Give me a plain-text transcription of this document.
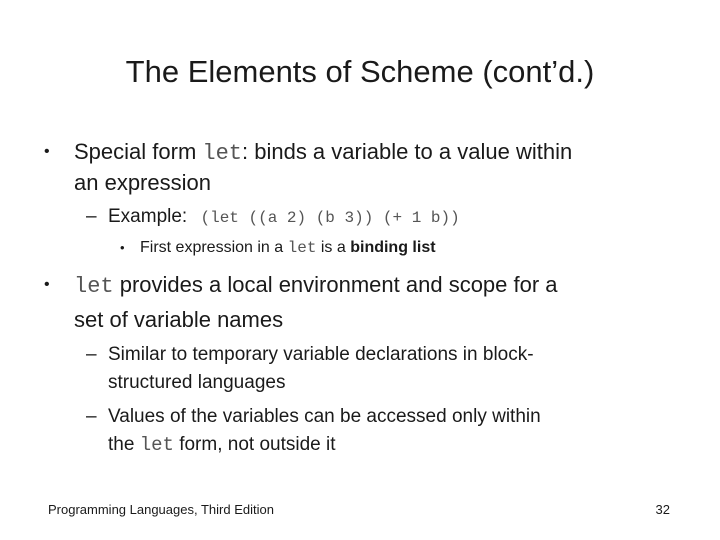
The Elements of Scheme (cont’d.)
• Special form let: binds a variable to a value within
an expression
– Example: (let ((a 2) (b 3)) (+ 1 b))
• First expression in a let is a binding list
• let provides a local environment and scope for a
set of variable names
– Similar to temporary variable declarations in block-
structured languages
– Values of the variables can be accessed only within
the let form, not outside it
Programming Languages, Third Edition	32
